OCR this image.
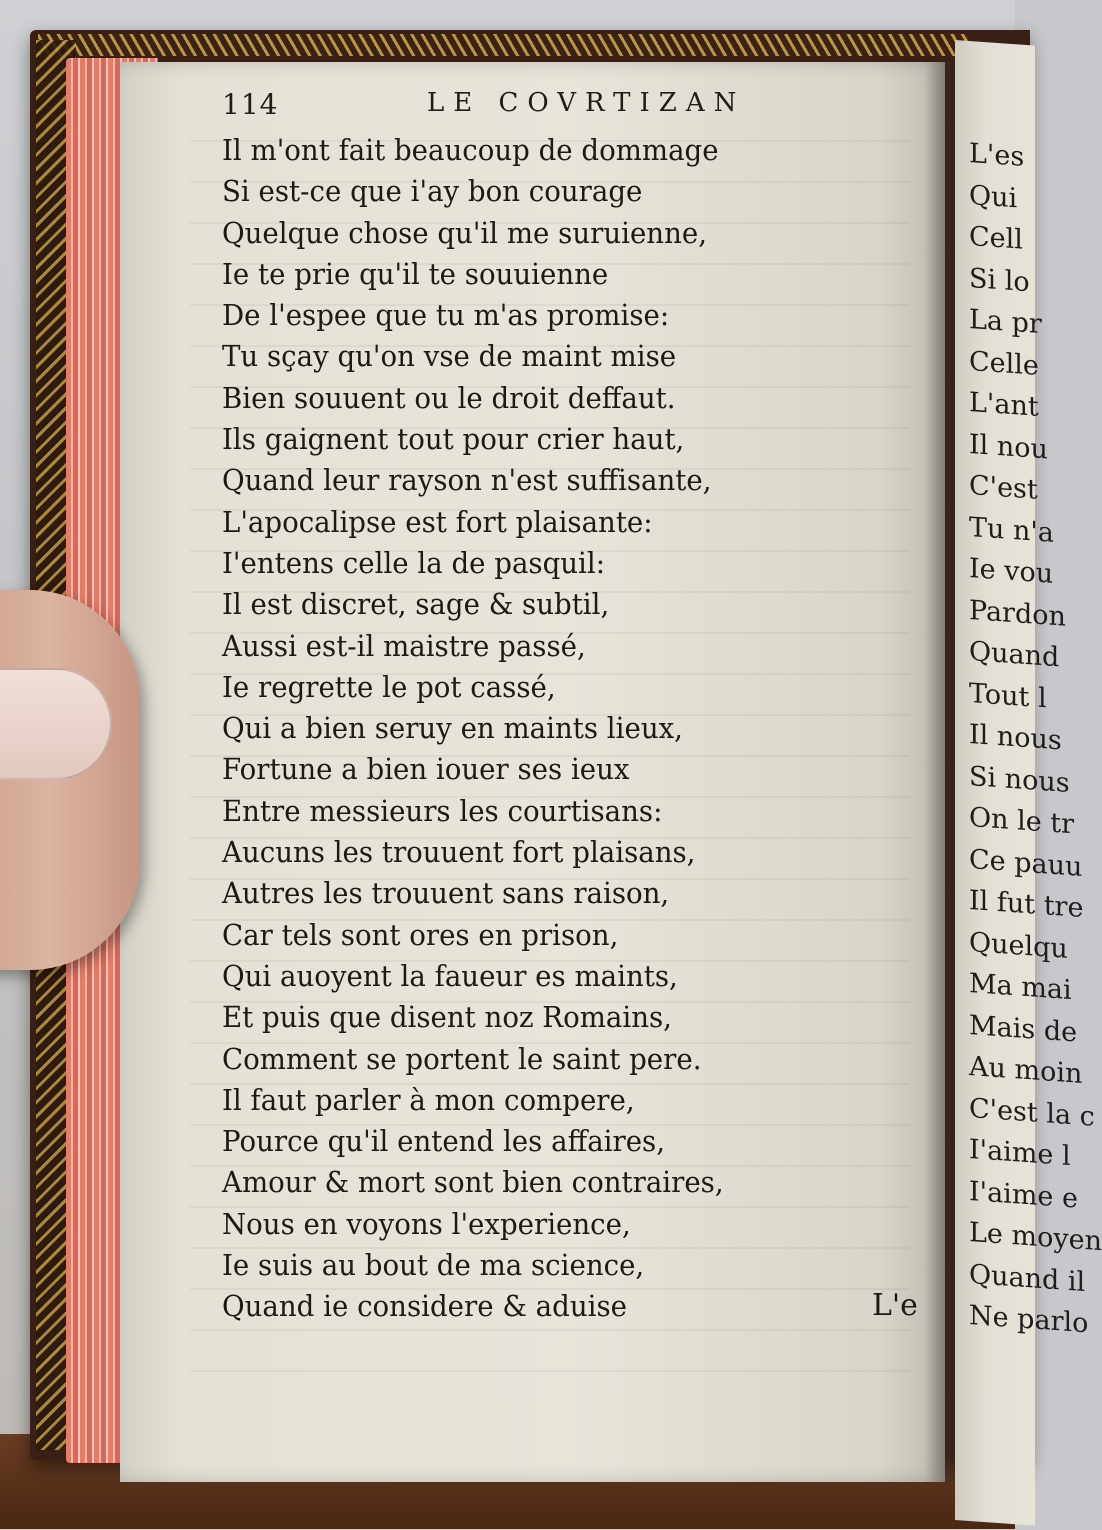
114	LE COVRTIZAN
Il m'ont fait beaucoup de dommage
Si est-ce que i'ay bon courage
Quelque chose qu'il me suruienne,
Ie te prie qu'il te souuienne
De l'espee que tu m'as promise:
Tu sçay qu'on vse de maint mise
Bien souuent ou le droit deffaut.
Ils gaignent tout pour crier haut,
Quand leur rayson n'est suffisante,
L'apocalipse est fort plaisante:
I'entens celle la de pasquil:
Il est discret, sage & subtil,
Aussi est-il maistre passé,
Ie regrette le pot cassé,
Qui a bien seruy en maints lieux,
Fortune a bien iouer ses ieux
Entre messieurs les courtisans:
Aucuns les trouuent fort plaisans,
Autres les trouuent sans raison,
Car tels sont ores en prison,
Qui auoyent la faueur es maints,
Et puis que disent noz Romains,
Comment se portent le saint pere.
Il faut parler à mon compere,
Pource qu'il entend les affaires,
Amour & mort sont bien contraires,
Nous en voyons l'experience,
Ie suis au bout de ma science,
Quand ie considere & aduise	L'e
L'es
Qui
Cell
Si lo
La pr
Celle
L'ant
Il nou
C'est
Tu n'a
Ie vou
Pardon
Quand
Tout l
Il nous
Si nous
On le tr
Ce pauu
Il fut tre
Quelqu
Ma mai
Mais de
Au moin
C'est la c
I'aime l
I'aime e
Le moyen
Quand il
Ne parlo
